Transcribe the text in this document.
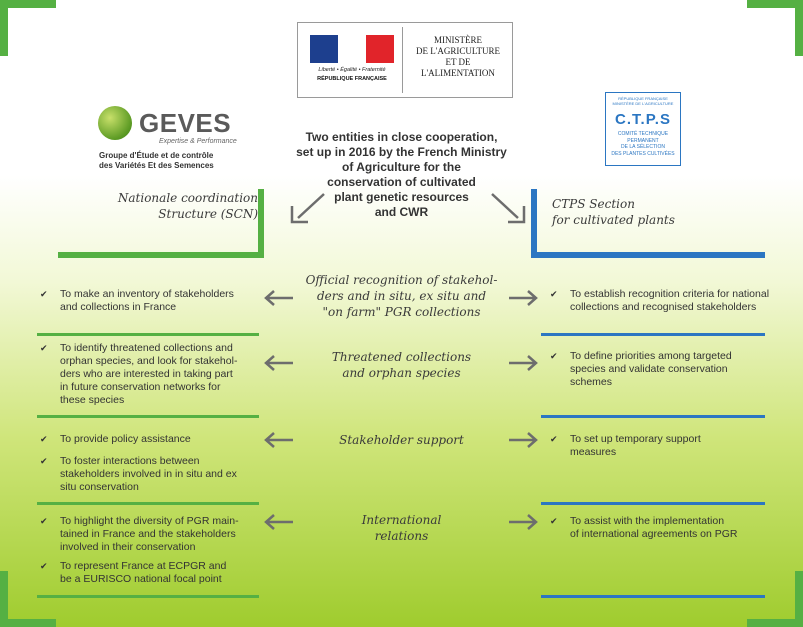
Liberté • Égalité • Fraternité
RÉPUBLIQUE FRANÇAISE
MINISTÈRE
DE L'AGRICULTURE
ET DE
L'ALIMENTATION
GEVES
Expertise & Performance
Groupe d'Étude et de contrôle
des Variétés Et des Semences
RÉPUBLIQUE FRANÇAISE
MINISTÈRE DE L'AGRICULTURE
C.T.P.S
COMITÉ TECHNIQUE
PERMANENT
DE LA SÉLECTION
DES PLANTES CULTIVÉES
Two entities in close cooperation,
set up in 2016 by the French Ministry
of Agriculture for the
conservation of cultivated
plant genetic resources
and CWR
Nationale coordination
Structure (SCN)
CTPS Section
for cultivated plants
Official recognition of stakehol-
ders and in situ, ex situ and
"on farm" PGR collections
✔ To make an inventory of stakeholders
and collections in France
✔ To establish recognition criteria for national
collections and recognised stakeholders
Threatened collections
and orphan species
✔ To identify threatened collections and
orphan species, and look for stakehol-
ders who are interested in taking part
in future conservation networks for
these species
✔ To define priorities among targeted
species and validate conservation
schemes
Stakeholder support
✔ To provide policy assistance
✔ To foster interactions between
stakeholders involved in in situ and ex
situ conservation
✔ To set up temporary support
measures
International
relations
✔ To highlight the diversity of PGR main-
tained in France and the stakeholders
involved in their conservation
✔ To represent France at ECPGR and
be a EURISCO national focal point
✔ To assist with the implementation
of international agreements on PGR
